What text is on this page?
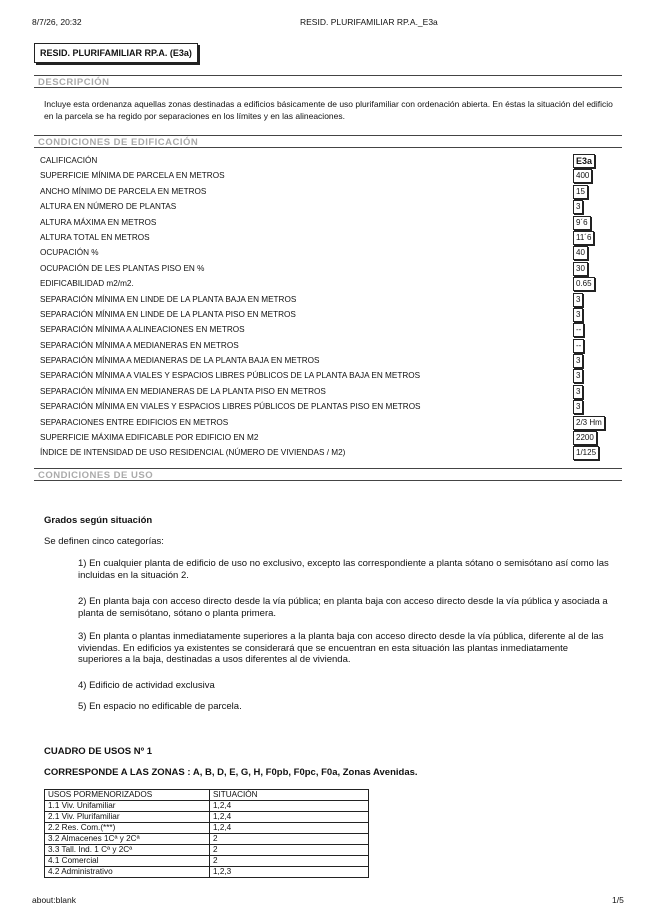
8/7/26, 20:32	RESID. PLURIFAMILIAR RP.A._E3a
RESID. PLURIFAMILIAR RP.A. (E3a)
DESCRIPCIÓN
Incluye esta ordenanza aquellas zonas destinadas a edificios básicamente de uso plurifamiliar con ordenación abierta. En éstas la situación del edificio en la parcela se ha regido por separaciones en los límites y en las alineaciones.
CONDICIONES DE EDIFICACIÓN
CALIFICACIÓN	E3a
SUPERFICIE MÍNIMA DE PARCELA EN METROS	400
ANCHO MÍNIMO DE PARCELA EN METROS	15
ALTURA EN NÚMERO DE PLANTAS	3
ALTURA MÁXIMA EN METROS	9´6
ALTURA TOTAL EN METROS	11´6
OCUPACIÓN %	40
OCUPACIÓN DE LES PLANTAS PISO EN %	30
EDIFICABILIDAD m2/m2.	0.65
SEPARACIÓN MÍNIMA EN LINDE DE LA PLANTA BAJA EN METROS	3
SEPARACIÓN MÍNIMA EN LINDE DE LA PLANTA PISO EN METROS	3
SEPARACIÓN MÍNIMA A ALINEACIONES EN METROS	--
SEPARACIÓN MÍNIMA A MEDIANERAS EN METROS	--
SEPARACIÓN MÍNIMA A MEDIANERAS DE LA PLANTA BAJA EN METROS	3
SEPARACIÓN MÍNIMA A VIALES Y ESPACIOS LIBRES PÚBLICOS DE LA PLANTA BAJA EN METROS	3
SEPARACIÓN MÍNIMA EN MEDIANERAS DE LA PLANTA PISO EN METROS	3
SEPARACIÓN MÍNIMA EN VIALES Y ESPACIOS LIBRES PÚBLICOS DE PLANTAS PISO EN METROS	3
SEPARACIONES ENTRE EDIFICIOS EN METROS	2/3 Hm
SUPERFICIE MÁXIMA EDIFICABLE POR EDIFICIO EN M2	2200
ÍNDICE DE INTENSIDAD DE USO RESIDENCIAL (NÚMERO DE VIVIENDAS / M2)	1/125
CONDICIONES DE USO
Grados según situación
Se definen cinco categorías:
1) En cualquier planta de edificio de uso no exclusivo, excepto las correspondiente a planta sótano o semisótano así como las incluidas en la situación 2.
2) En planta baja con acceso directo desde la vía pública; en planta baja con acceso directo desde la vía pública y asociada a planta de semisótano, sótano o planta primera.
3) En planta o plantas inmediatamente superiores a la planta baja con acceso directo desde la vía pública, diferente al de las viviendas. En edificios ya existentes se considerará que se encuentran en esta situación las plantas inmediatamente superiores a la baja, destinadas a usos diferentes al de vivienda.
4) Edificio de actividad exclusiva
5) En espacio no edificable de parcela.
CUADRO DE USOS Nº 1
CORRESPONDE A LAS ZONAS : A, B, D, E, G, H, F0pb, F0pc, F0a, Zonas Avenidas.
USOS PORMENORIZADOS	SITUACIÓN
1.1 Viv. Unifamiliar	1,2,4
2.1 Viv. Plurifamiliar	1,2,4
2.2 Res. Com.(***)	1,2,4
3.2 Almacenes 1Cª y 2Cª	2
3.3 Tall. Ind. 1 Cª y 2Cª	2
4.1 Comercial	2
4.2 Administrativo	1,2,3
about:blank	1/5
